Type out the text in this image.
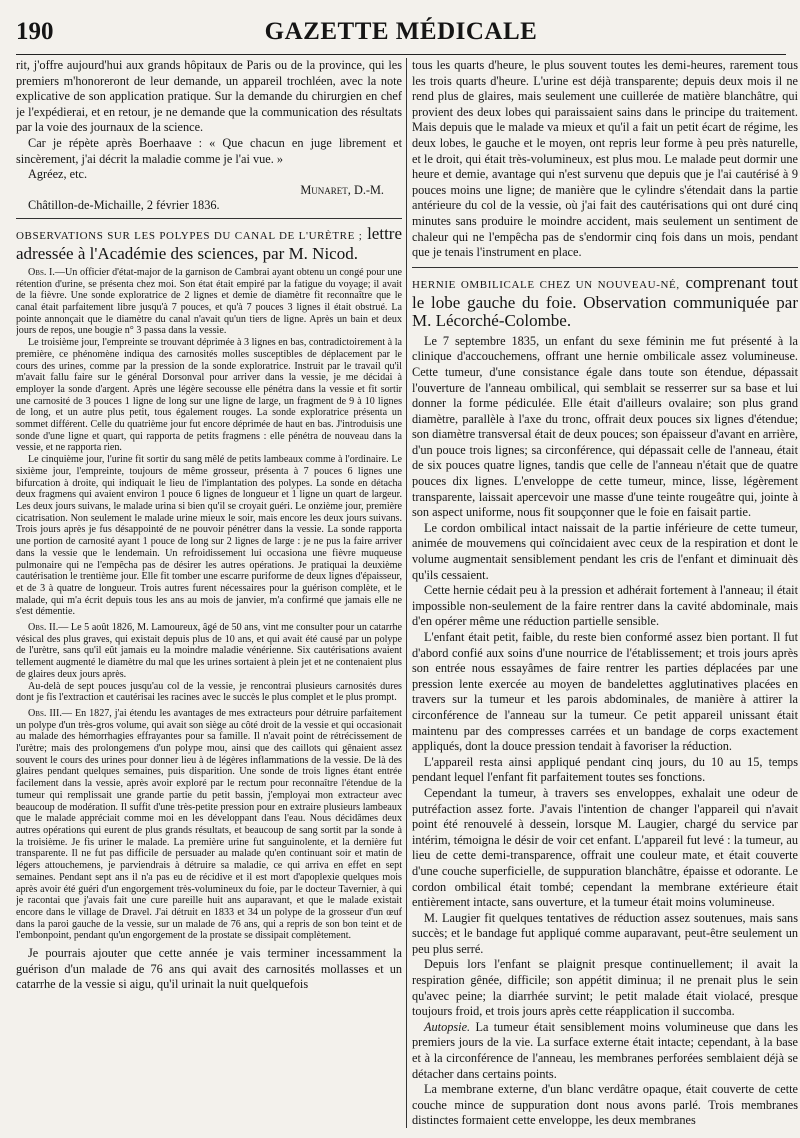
190	GAZETTE MÉDICALE

rit, j'offre aujourd'hui aux grands hôpitaux de Paris ou de la province, qui les premiers m'honoreront de leur demande, un appareil trochléen, avec la note explicative de son application pratique. Sur la demande du chirurgien en chef je l'expédierai, et en retour, je ne demande que la communication des résultats par la voie des journaux de la science.

Car je répète après Boerhaave : « Que chacun en juge librement et sincèrement, j'ai décrit la maladie comme je l'ai vue. »

Agréez, etc.

Munaret, D.-M.

Châtillon-de-Michaille, 2 février 1836.

OBSERVATIONS SUR LES POLYPES DU CANAL DE L'URÈTRE ; lettre adressée à l'Académie des sciences, par M. Nicod.

Obs. I.—Un officier d'état-major de la garnison de Cambrai ayant obtenu un congé pour une rétention d'urine, se présenta chez moi. Son état était empiré par la fatigue du voyage; il avait de la fièvre. Une sonde exploratrice de 2 lignes et demie de diamètre fit reconnaître que le canal était parfaitement libre jusqu'à 7 pouces, et qu'à 7 pouces 3 lignes il était obstrué. La pointe annonçait que le diamètre du canal n'avait qu'un tiers de ligne. Après un bain et deux jours de repos, une bougie n° 3 passa dans la vessie.

Le troisième jour, l'empreinte se trouvant déprimée à 3 lignes en bas, contradictoirement à la première, ce phénomène indiqua des carnosités molles susceptibles de déplacement par le cours des urines, comme par la pression de la sonde exploratrice. Instruit par le travail qu'il m'avait fallu faire sur le général Dorsonval pour arriver dans la vessie, je me décidai à employer la sonde d'argent. Après une légère secousse elle pénétra dans la vessie et fit sortir une carnosité de 3 pouces 1 ligne de long sur une ligne de large, un fragment de 9 à 10 lignes de long, et un autre plus petit, tous également rouges. La sonde exploratrice présenta un sommet différent. Celle du quatrième jour fut encore déprimée de haut en bas. J'introduisis une sonde d'une ligne et quart, qui rapporta de petits fragmens : elle pénétra de nouveau dans la vessie, et ne rapporta rien.

Le cinquième jour, l'urine fit sortir du sang mêlé de petits lambeaux comme à l'ordinaire. Le sixième jour, l'empreinte, toujours de même grosseur, présenta à 7 pouces 6 lignes une bifurcation à droite, qui indiquait le lieu de l'implantation des polypes. La sonde en détacha deux fragmens qui avaient environ 1 pouce 6 lignes de longueur et 1 ligne un quart de largeur. Les deux jours suivans, le malade urina si bien qu'il se croyait guéri. Le onzième jour, première cicatrisation. Non seulement le malade urine mieux le soir, mais encore les deux jours suivans. Trois jours après je fus désappointé de ne pouvoir pénétrer dans la vessie. La sonde rapporta une portion de carnosité ayant 1 pouce de long sur 2 lignes de large : je ne pus la faire arriver dans la vessie que le lendemain. Un refroidissement lui occasiona une fièvre muqueuse pulmonaire qui ne l'empêcha pas de désirer les autres opérations. Je pratiquai la deuxième cautérisation le trentième jour. Elle fit tomber une escarre puriforme de deux lignes d'épaisseur, et de 3 à quatre de longueur. Trois autres furent nécessaires pour la guérison complète, et le malade, qui m'a écrit depuis tous les ans au mois de janvier, m'a confirmé que jamais elle ne s'est démentie.

Obs. II.— Le 5 août 1826, M. Lamoureux, âgé de 50 ans, vint me consulter pour un catarrhe vésical des plus graves, qui existait depuis plus de 10 ans, et qui avait été causé par un polype de l'urètre, sans qu'il eût jamais eu la moindre maladie vénérienne. Six cautérisations avaient tellement augmenté le diamètre du mal que les urines sortaient à plein jet et ne contenaient plus de glaires deux jours après.

Au-delà de sept pouces jusqu'au col de la vessie, je rencontrai plusieurs carnosités dures dont je fis l'extraction et cautérisai les racines avec le succès le plus complet et le plus prompt.

Obs. III.— En 1827, j'ai étendu les avantages de mes extracteurs pour détruire parfaitement un polype d'un très-gros volume, qui avait son siège au côté droit de la vessie et qui occasionait au malade des hémorrhagies effrayantes pour sa famille. Il n'avait point de rétrécissement de l'urètre; mais des prolongemens d'un polype mou, ainsi que des caillots qui gênaient assez souvent le cours des urines pour donner lieu à de légères inflammations de la vessie. De là des glaires pendant quelques semaines, puis disparition. Une sonde de trois lignes étant entrée facilement dans la vessie, après avoir exploré par le rectum pour reconnaître l'étendue de la tumeur qui remplissait une grande partie du petit bassin, j'employai mon extracteur avec beaucoup de modération. Il suffit d'une très-petite pression pour en extraire plusieurs lambeaux que le malade appréciait comme moi en les développant dans l'eau. Nous décidâmes deux autres opérations qui eurent de plus grands résultats, et beaucoup de sang sortit par la sonde à la troisième. Je fis uriner le malade. La première urine fut sanguinolente, et la dernière fut transparente. Il ne fut pas difficile de persuader au malade qu'en continuant soir et matin de légers attouchemens, je parviendrais à détruire sa maladie, ce qui arriva en effet en sept semaines. Pendant sept ans il n'a pas eu de récidive et il est mort d'apoplexie quelques mois après avoir été guéri d'un engorgement très-volumineux du foie, par le docteur Tavernier, à qui je racontai que j'avais fait une cure pareille huit ans auparavant, et que le malade existait encore dans le village de Dravel. J'ai détruit en 1833 et 34 un polype de la grosseur d'un œuf dans la paroi gauche de la vessie, sur un malade de 76 ans, qui a repris de son bon teint et de l'embonpoint, pendant qu'un engorgement de la prostate se dissipait complètement.

Je pourrais ajouter que cette année je vais terminer incessamment la guérison d'un malade de 76 ans qui avait des carnosités mollasses et un catarrhe de la vessie si aigu, qu'il urinait la nuit quelquefois

tous les quarts d'heure, le plus souvent toutes les demi-heures, rarement tous les trois quarts d'heure. L'urine est déjà transparente; depuis deux mois il ne rend plus de glaires, mais seulement une cuillerée de matière blanchâtre, qui provient des deux lobes qui paraissaient sains dans le principe du traitement. Mais depuis que le malade va mieux et qu'il a fait un petit écart de régime, les deux lobes, le gauche et le moyen, ont repris leur forme à peu près naturelle, et le droit, qui était très-volumineux, est plus mou. Le malade peut dormir une heure et demie, avantage qui n'est survenu que depuis que je l'ai cautérisé à 9 pouces moins une ligne; de manière que le cylindre s'étendait dans la partie antérieure du col de la vessie, où j'ai fait des cautérisations qui ont duré cinq minutes sans produire le moindre accident, mais seulement un sentiment de chaleur qui ne l'empêcha pas de s'endormir cinq fois dans un mois, pendant que je tenais l'instrument en place.

HERNIE OMBILICALE CHEZ UN NOUVEAU-NÉ, comprenant tout le lobe gauche du foie. Observation communiquée par M. Lécorché-Colombe.

Le 7 septembre 1835, un enfant du sexe féminin me fut présenté à la clinique d'accouchemens, offrant une hernie ombilicale assez volumineuse. Cette tumeur, d'une consistance égale dans toute son étendue, dépassait l'ouverture de l'anneau ombilical, qui semblait se resserrer sur sa base et lui donner la forme pédiculée. Elle était d'ailleurs ovalaire; son plus grand diamètre, parallèle à l'axe du tronc, offrait deux pouces six lignes d'étendue; son diamètre transversal était de deux pouces; son épaisseur d'avant en arrière, d'un pouce trois lignes; sa circonférence, qui dépassait celle de l'anneau, était de six pouces quatre lignes, tandis que celle de l'anneau n'était que de quatre pouces dix lignes. L'enveloppe de cette tumeur, mince, lisse, légèrement transparente, laissait apercevoir une masse d'une teinte rougeâtre qui, jointe à son aspect uniforme, nous fit soupçonner que le foie en faisait partie.

Le cordon ombilical intact naissait de la partie inférieure de cette tumeur, animée de mouvemens qui coïncidaient avec ceux de la respiration et dont le volume augmentait sensiblement pendant les cris de l'enfant et diminuait dès qu'ils cessaient.

Cette hernie cédait peu à la pression et adhérait fortement à l'anneau; il était impossible non-seulement de la faire rentrer dans la cavité abdominale, mais d'en opérer même une réduction partielle sensible.

L'enfant était petit, faible, du reste bien conformé assez bien portant. Il fut d'abord confié aux soins d'une nourrice de l'établissement; et trois jours après son entrée nous essayâmes de faire rentrer les parties déplacées par une pression lente exercée au moyen de bandelettes agglutinatives placées en travers sur la tumeur et les parois abdominales, de manière à attirer la circonférence de l'anneau sur la tumeur. Ce petit appareil unissant était maintenu par des compresses carrées et un bandage de corps exactement appliqués, dont la douce pression tendait à favoriser la réduction.

L'appareil resta ainsi appliqué pendant cinq jours, du 10 au 15, temps pendant lequel l'enfant fit parfaitement toutes ses fonctions.

Cependant la tumeur, à travers ses enveloppes, exhalait une odeur de putréfaction assez forte. J'avais l'intention de changer l'appareil qui n'avait point été renouvelé à dessein, lorsque M. Laugier, chargé du service par intérim, témoigna le désir de voir cet enfant. L'appareil fut levé : la tumeur, au lieu de cette demi-transparence, offrait une couleur mate, et était couverte d'une couche superficielle, de suppuration blanchâtre, épaisse et odorante. Le cordon ombilical était tombé; cependant la membrane extérieure était entièrement intacte, sans ouverture, et la tumeur était moins volumineuse.

M. Laugier fit quelques tentatives de réduction assez soutenues, mais sans succès; et le bandage fut appliqué comme auparavant, peut-être seulement un peu plus serré.

Depuis lors l'enfant se plaignit presque continuellement; il avait la respiration gênée, difficile; son appétit diminua; il ne prenait plus le sein qu'avec peine; la diarrhée survint; le petit malade était violacé, presque toujours froid, et trois jours après cette réapplication il succomba.

Autopsie. La tumeur était sensiblement moins volumineuse que dans les premiers jours de la vie. La surface externe était intacte; cependant, à la base et à la circonférence de l'anneau, les membranes perforées semblaient déjà se détacher dans certains points.

La membrane externe, d'un blanc verdâtre opaque, était couverte de cette couche mince de suppuration dont nous avons parlé. Trois membranes distinctes formaient cette enveloppe, les deux membranes
